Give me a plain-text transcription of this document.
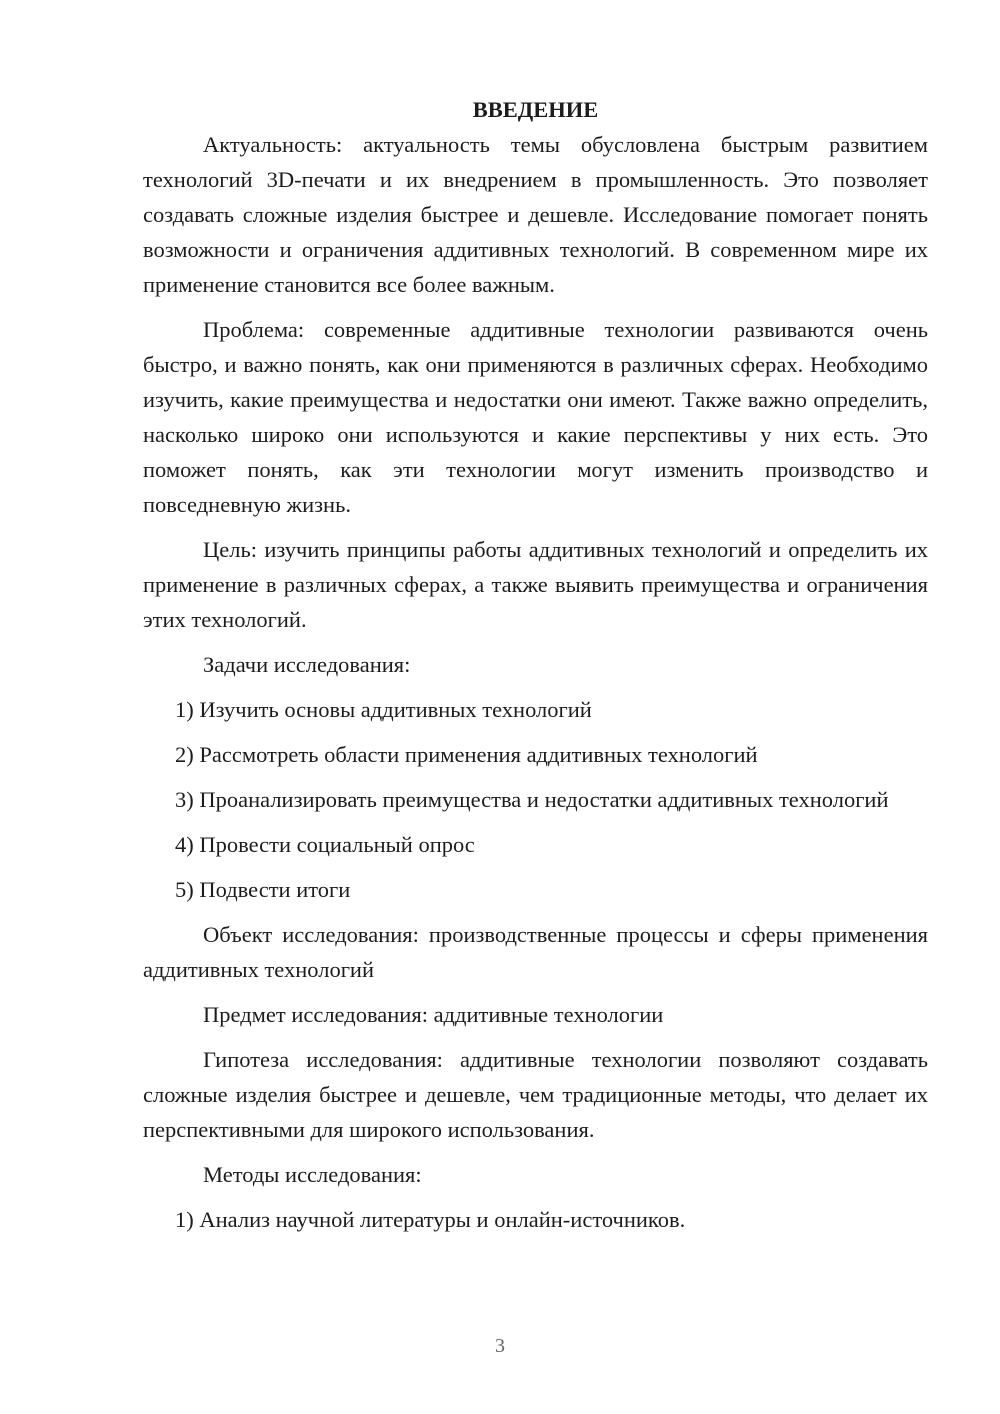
ВВЕДЕНИЕ

Актуальность: актуальность темы обусловлена быстрым развитием технологий 3D-печати и их внедрением в промышленность. Это позволяет создавать сложные изделия быстрее и дешевле. Исследование помогает понять возможности и ограничения аддитивных технологий. В современном мире их применение становится все более важным.

Проблема: современные аддитивные технологии развиваются очень быстро, и важно понять, как они применяются в различных сферах. Необходимо изучить, какие преимущества и недостатки они имеют. Также важно определить, насколько широко они используются и какие перспективы у них есть. Это поможет понять, как эти технологии могут изменить производство и повседневную жизнь.

Цель: изучить принципы работы аддитивных технологий и определить их применение в различных сферах, а также выявить преимущества и ограничения этих технологий.

Задачи исследования:

1) Изучить основы аддитивных технологий

2) Рассмотреть области применения аддитивных технологий

3) Проанализировать преимущества и недостатки аддитивных технологий

4) Провести социальный опрос

5) Подвести итоги

Объект исследования: производственные процессы и сферы применения аддитивных технологий

Предмет исследования: аддитивные технологии

Гипотеза исследования: аддитивные технологии позволяют создавать сложные изделия быстрее и дешевле, чем традиционные методы, что делает их перспективными для широкого использования.

Методы исследования:

1) Анализ научной литературы и онлайн-источников.

3
